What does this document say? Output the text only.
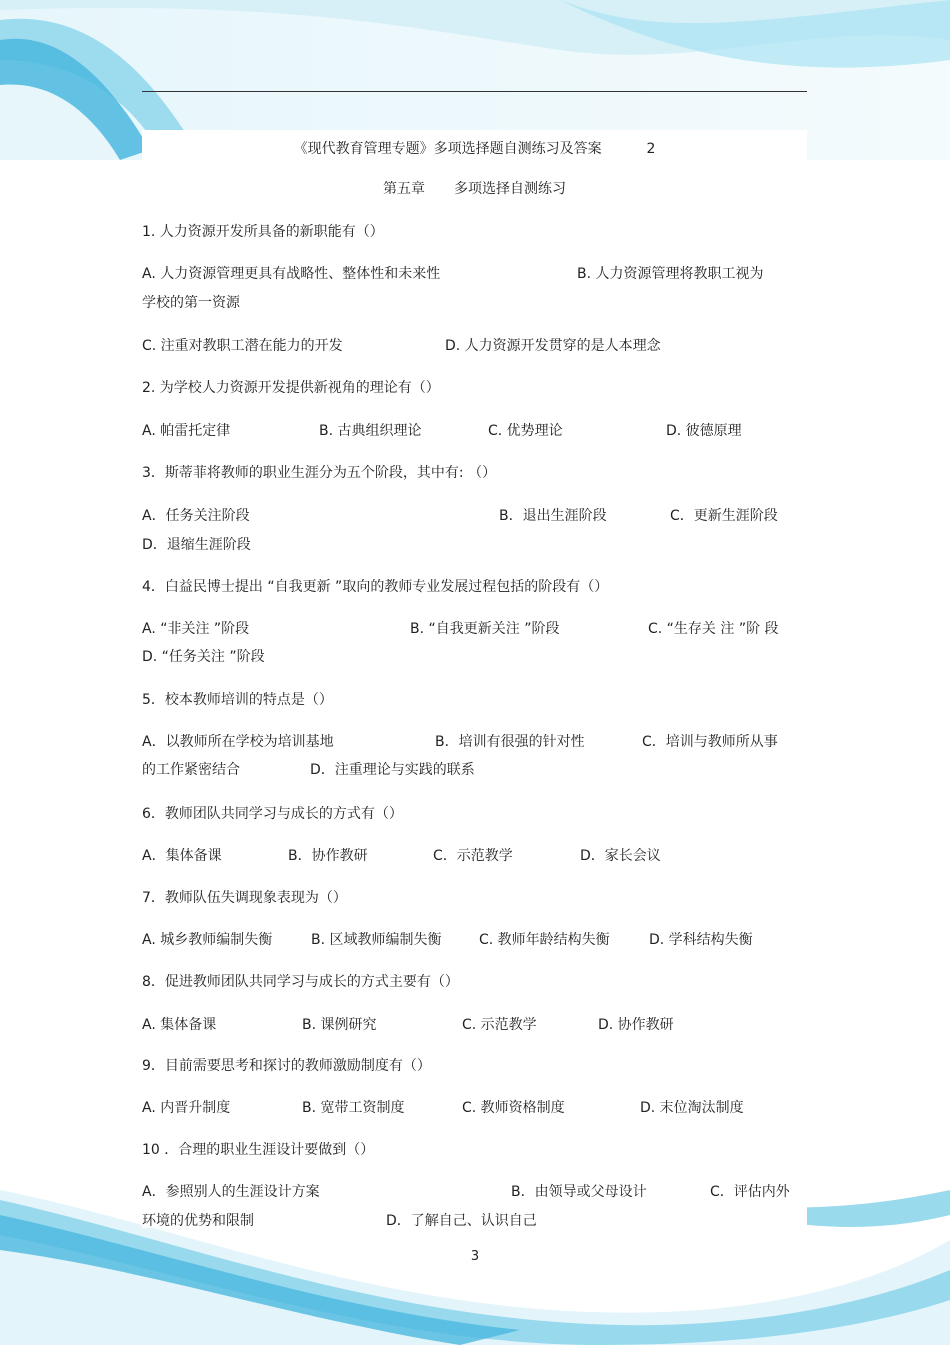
《现代教育管理专题》多项选择题自测练习及答案	2
第五章 多项选择自测练习
1. 人力资源开发所具备的新职能有（）
A. 人力资源管理更具有战略性、整体性和未来性	B. 人力资源管理将教职工视为
学校的第一资源
C. 注重对教职工潜在能力的开发	D. 人力资源开发贯穿的是人本理念
2. 为学校人力资源开发提供新视角的理论有（）
A. 帕雷托定律	B. 古典组织理论	C. 优势理论	D. 彼德原理
3．斯蒂菲将教师的职业生涯分为五个阶段，其中有: （）
A．任务关注阶段	B．退出生涯阶段	C．更新生涯阶段
D．退缩生涯阶段
4．白益民博士提出 “自我更新 ”取向的教师专业发展过程包括的阶段有（）
A. “非关注 ”阶段	B. “自我更新关注 ”阶段	C. “生存关 注 ”阶 段
D. “任务关注 ”阶段
5．校本教师培训的特点是（）
A．以教师所在学校为培训基地	B．培训有很强的针对性	C．培训与教师所从事
的工作紧密结合	D．注重理论与实践的联系
6．教师团队共同学习与成长的方式有（）
A．集体备课	B．协作教研	C．示范教学	D．家长会议
7．教师队伍失调现象表现为（）
A. 城乡教师编制失衡	B. 区域教师编制失衡	C. 教师年龄结构失衡	D. 学科结构失衡
8．促进教师团队共同学习与成长的方式主要有（）
A. 集体备课	B. 课例研究	C. 示范教学	D. 协作教研
9．目前需要思考和探讨的教师激励制度有（）
A. 内晋升制度	B. 宽带工资制度	C. 教师资格制度	D. 末位淘汰制度
10 ．合理的职业生涯设计要做到（）
A．参照别人的生涯设计方案	B．由领导或父母设计	C．评估内外
环境的优势和限制	D．了解自己、认识自己
3
